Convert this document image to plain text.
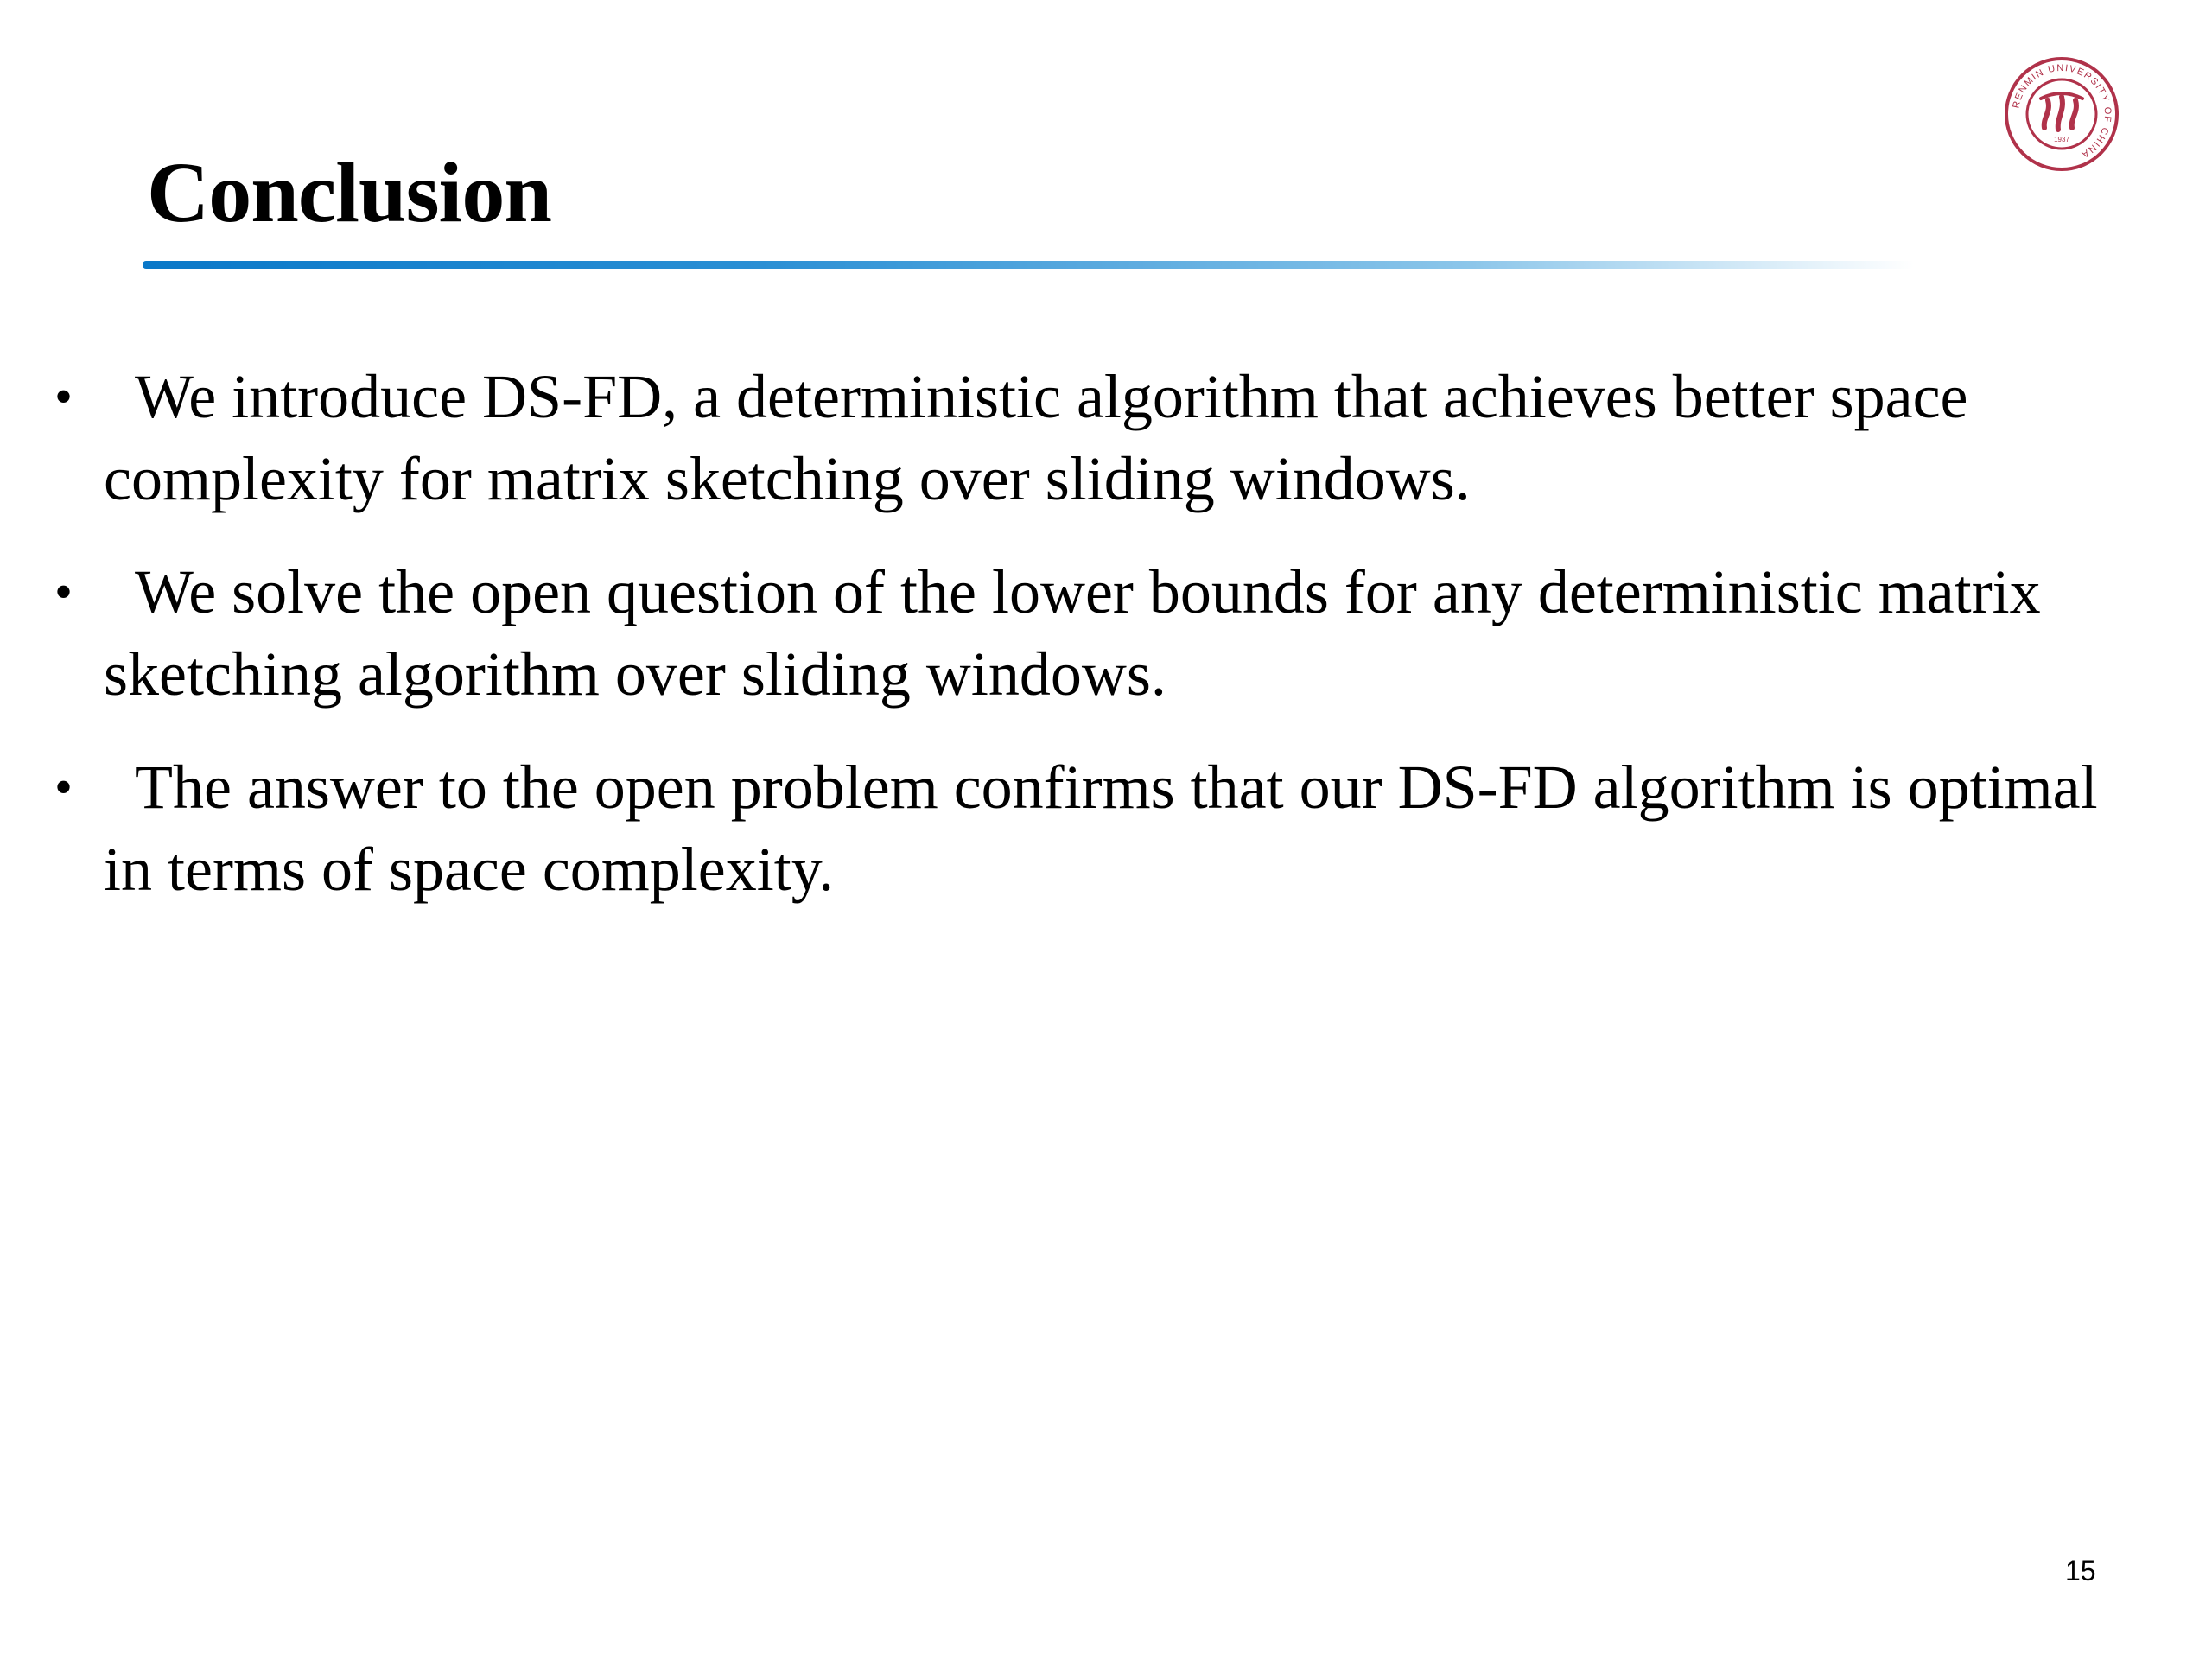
Conclusion
RENMIN UNIVERSITY OF CHINA
1937
• We introduce DS-FD, a deterministic algorithm that achieves better space complexity for matrix sketching over sliding windows.
• We solve the open question of the lower bounds for any deterministic matrix sketching algorithm over sliding windows.
• The answer to the open problem confirms that our DS-FD algorithm is optimal in terms of space complexity.
15
